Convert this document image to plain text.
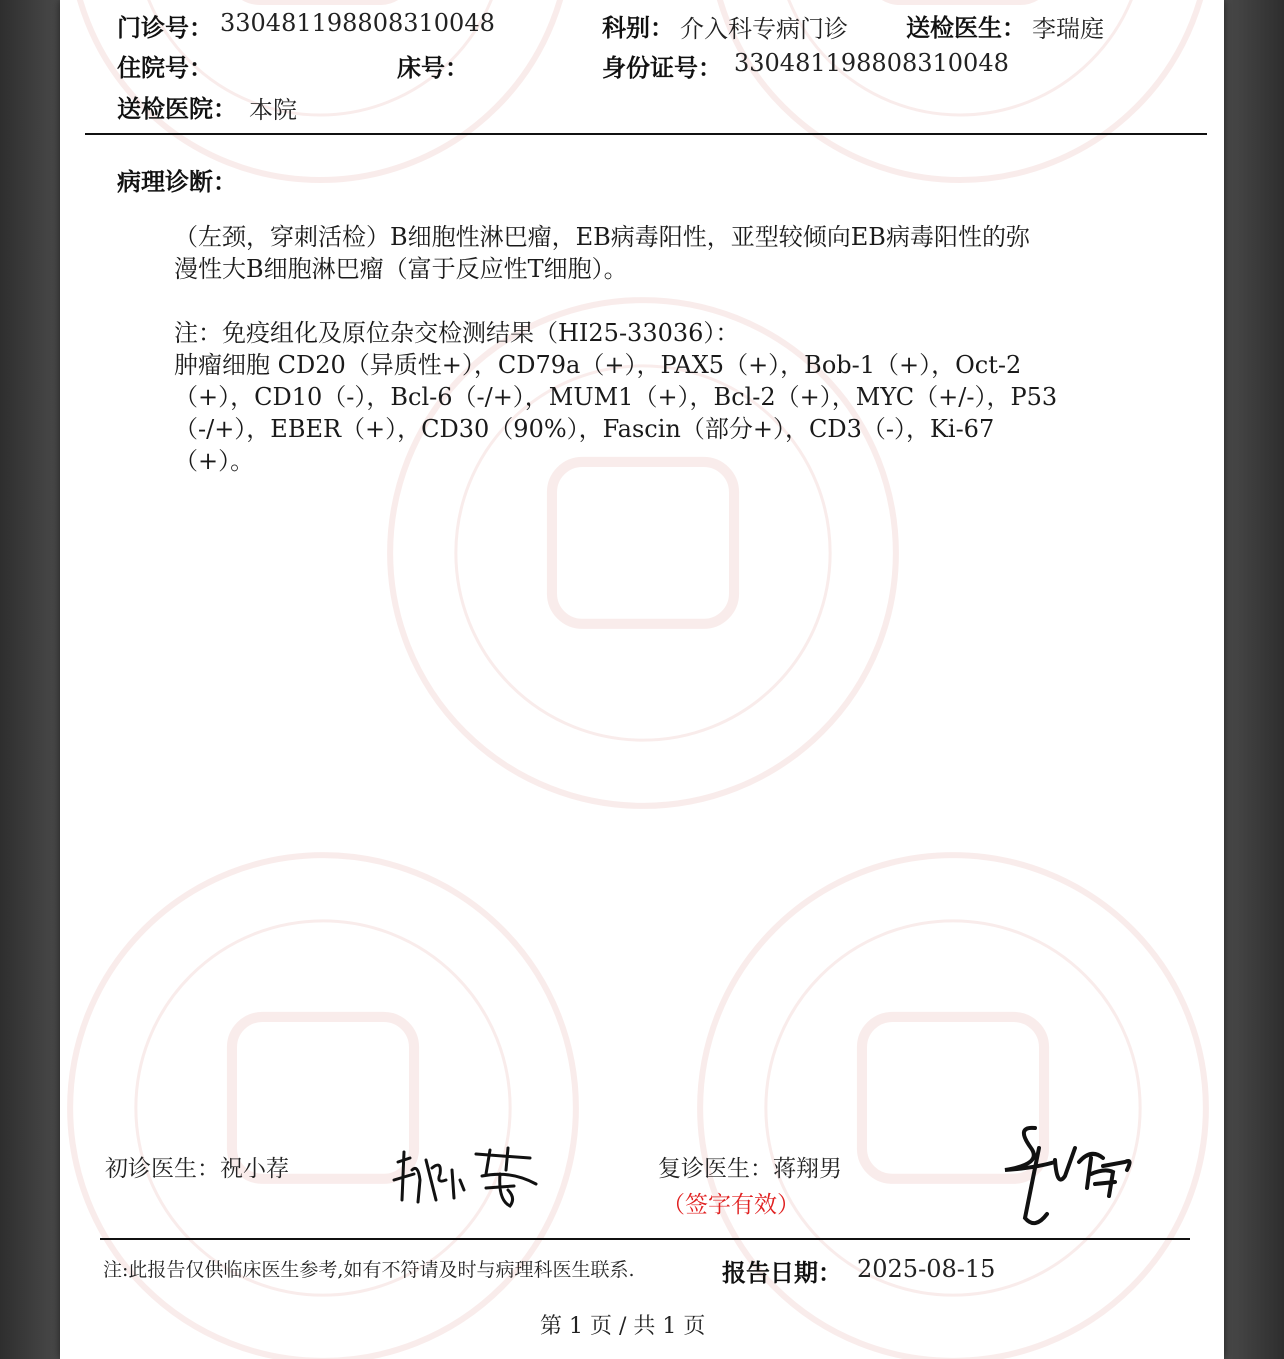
门诊号： 330481198808310048	科别： 介入科专病门诊 送检医生： 李瑞庭
住院号：	床号：	身份证号： 330481198808310048
送检医院： 本院
病理诊断：

（左颈，穿刺活检）B细胞性淋巴瘤，EB病毒阳性，亚型较倾向EB病毒阳性的弥

漫性大B细胞淋巴瘤（富于反应性T细胞）。

注：免疫组化及原位杂交检测结果（HI25-33036）：

肿瘤细胞 CD20（异质性+），CD79a（+），PAX5（+），Bob-1（+），Oct-2

（+），CD10（-），Bcl-6（-/+），MUM1（+），Bcl-2（+），MYC（+/-），P53

（-/+），EBER（+），CD30（90%），Fascin（部分+），CD3（-），Ki-67

（+）。

初诊医生：祝小荐	复诊医生：蒋翔男
（签字有效）
注:此报告仅供临床医生参考,如有不符请及时与病理科医生联系.	报告日期： 2025-08-15
第 1 页 / 共 1 页
